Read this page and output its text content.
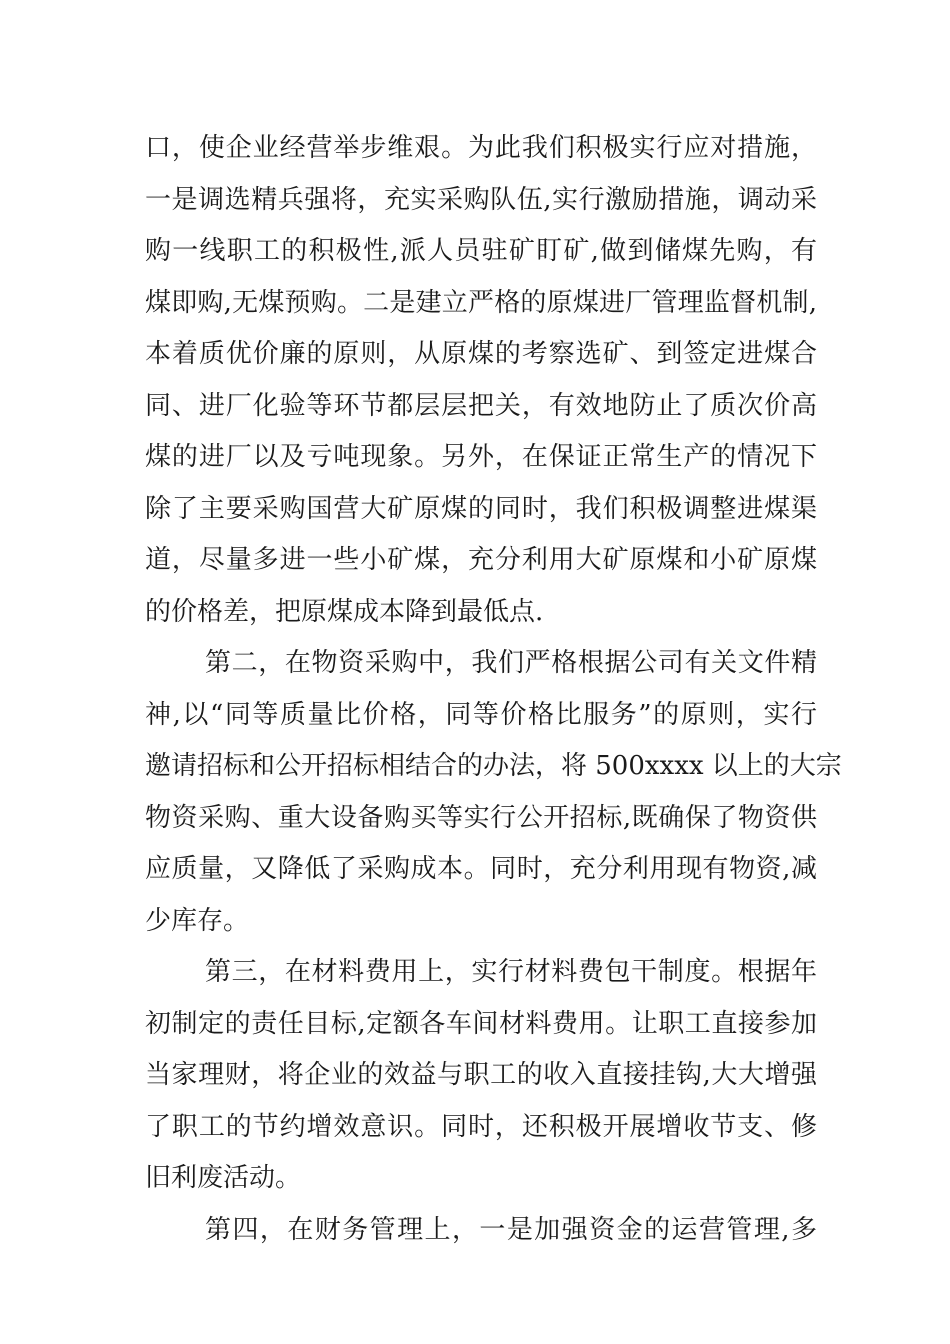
口，使企业经营举步维艰。为此我们积极实行应对措施，
一是调选精兵强将，充实采购队伍,实行激励措施，调动采
购一线职工的积极性,派人员驻矿盯矿,做到储煤先购，有
煤即购,无煤预购。二是建立严格的原煤进厂管理监督机制,
本着质优价廉的原则，从原煤的考察选矿、到签定进煤合
同、进厂化验等环节都层层把关，有效地防止了质次价高
煤的进厂以及亏吨现象。另外，在保证正常生产的情况下
除了主要采购国营大矿原煤的同时，我们积极调整进煤渠
道，尽量多进一些小矿煤，充分利用大矿原煤和小矿原煤
的价格差，把原煤成本降到最低点.
第二，在物资采购中，我们严格根据公司有关文件精
神,以“同等质量比价格，同等价格比服务”的原则，实行
邀请招标和公开招标相结合的办法，将 500xxxx 以上的大宗
物资采购、重大设备购买等实行公开招标,既确保了物资供
应质量，又降低了采购成本。同时，充分利用现有物资,减
少库存。
第三，在材料费用上，实行材料费包干制度。根据年
初制定的责任目标,定额各车间材料费用。让职工直接参加
当家理财，将企业的效益与职工的收入直接挂钩,大大增强
了职工的节约增效意识。同时，还积极开展增收节支、修
旧利废活动。
第四，在财务管理上，一是加强资金的运营管理,多
